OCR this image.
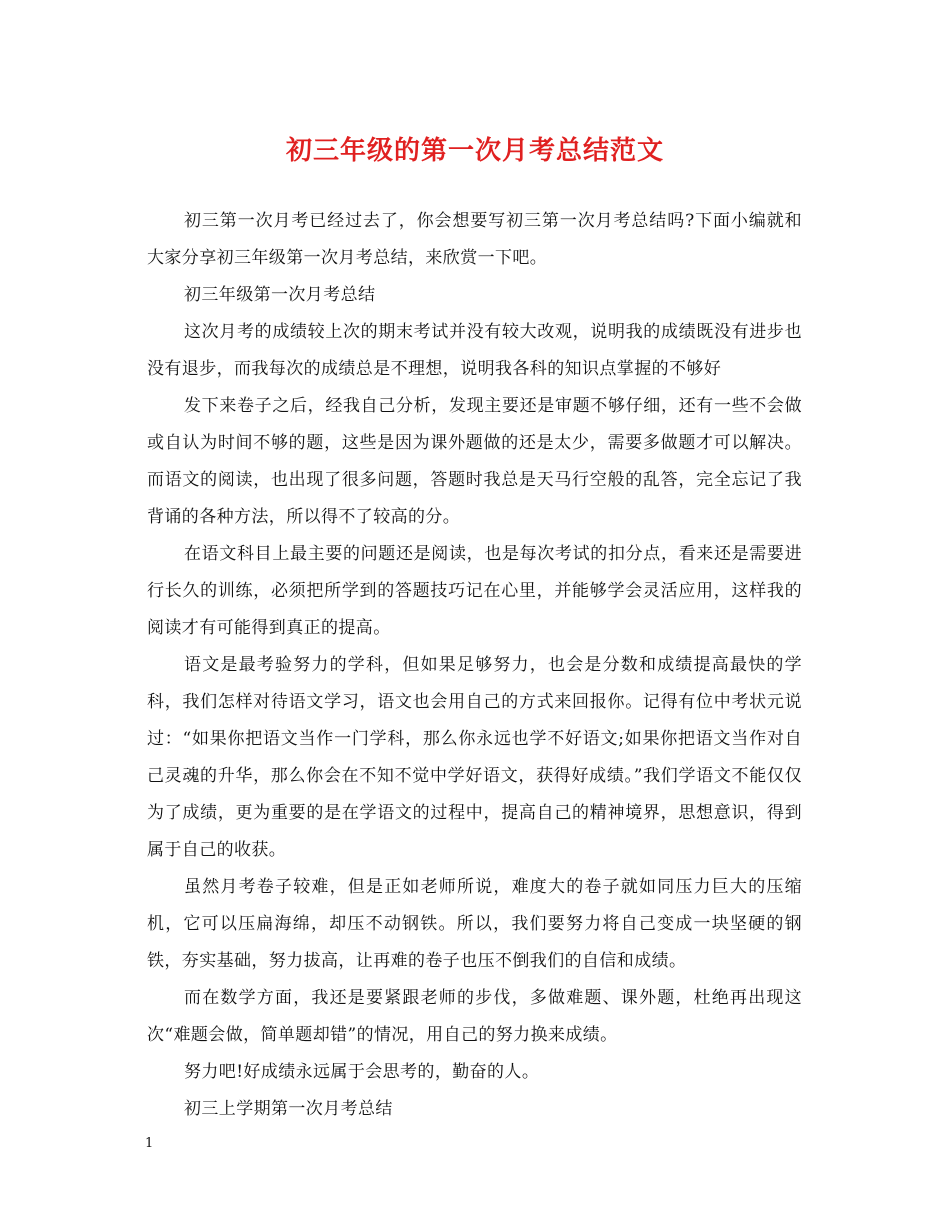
初三年级的第一次月考总结范文

初三第一次月考已经过去了，你会想要写初三第一次月考总结吗?下面小编就和大家分享初三年级第一次月考总结，来欣赏一下吧。

初三年级第一次月考总结

这次月考的成绩较上次的期末考试并没有较大改观，说明我的成绩既没有进步也没有退步，而我每次的成绩总是不理想，说明我各科的知识点掌握的不够好

发下来卷子之后，经我自己分析，发现主要还是审题不够仔细，还有一些不会做或自认为时间不够的题，这些是因为课外题做的还是太少，需要多做题才可以解决。而语文的阅读，也出现了很多问题，答题时我总是天马行空般的乱答，完全忘记了我背诵的各种方法，所以得不了较高的分。

在语文科目上最主要的问题还是阅读，也是每次考试的扣分点，看来还是需要进行长久的训练，必须把所学到的答题技巧记在心里，并能够学会灵活应用，这样我的阅读才有可能得到真正的提高。

语文是最考验努力的学科，但如果足够努力，也会是分数和成绩提高最快的学科，我们怎样对待语文学习，语文也会用自己的方式来回报你。记得有位中考状元说过：“如果你把语文当作一门学科，那么你永远也学不好语文;如果你把语文当作对自己灵魂的升华，那么你会在不知不觉中学好语文，获得好成绩。”我们学语文不能仅仅为了成绩，更为重要的是在学语文的过程中，提高自己的精神境界，思想意识，得到属于自己的收获。

虽然月考卷子较难，但是正如老师所说，难度大的卷子就如同压力巨大的压缩机，它可以压扁海绵，却压不动钢铁。所以，我们要努力将自己变成一块坚硬的钢铁，夯实基础，努力拔高，让再难的卷子也压不倒我们的自信和成绩。

而在数学方面，我还是要紧跟老师的步伐，多做难题、课外题，杜绝再出现这次“难题会做，简单题却错”的情况，用自己的努力换来成绩。

努力吧!好成绩永远属于会思考的，勤奋的人。

初三上学期第一次月考总结

1
